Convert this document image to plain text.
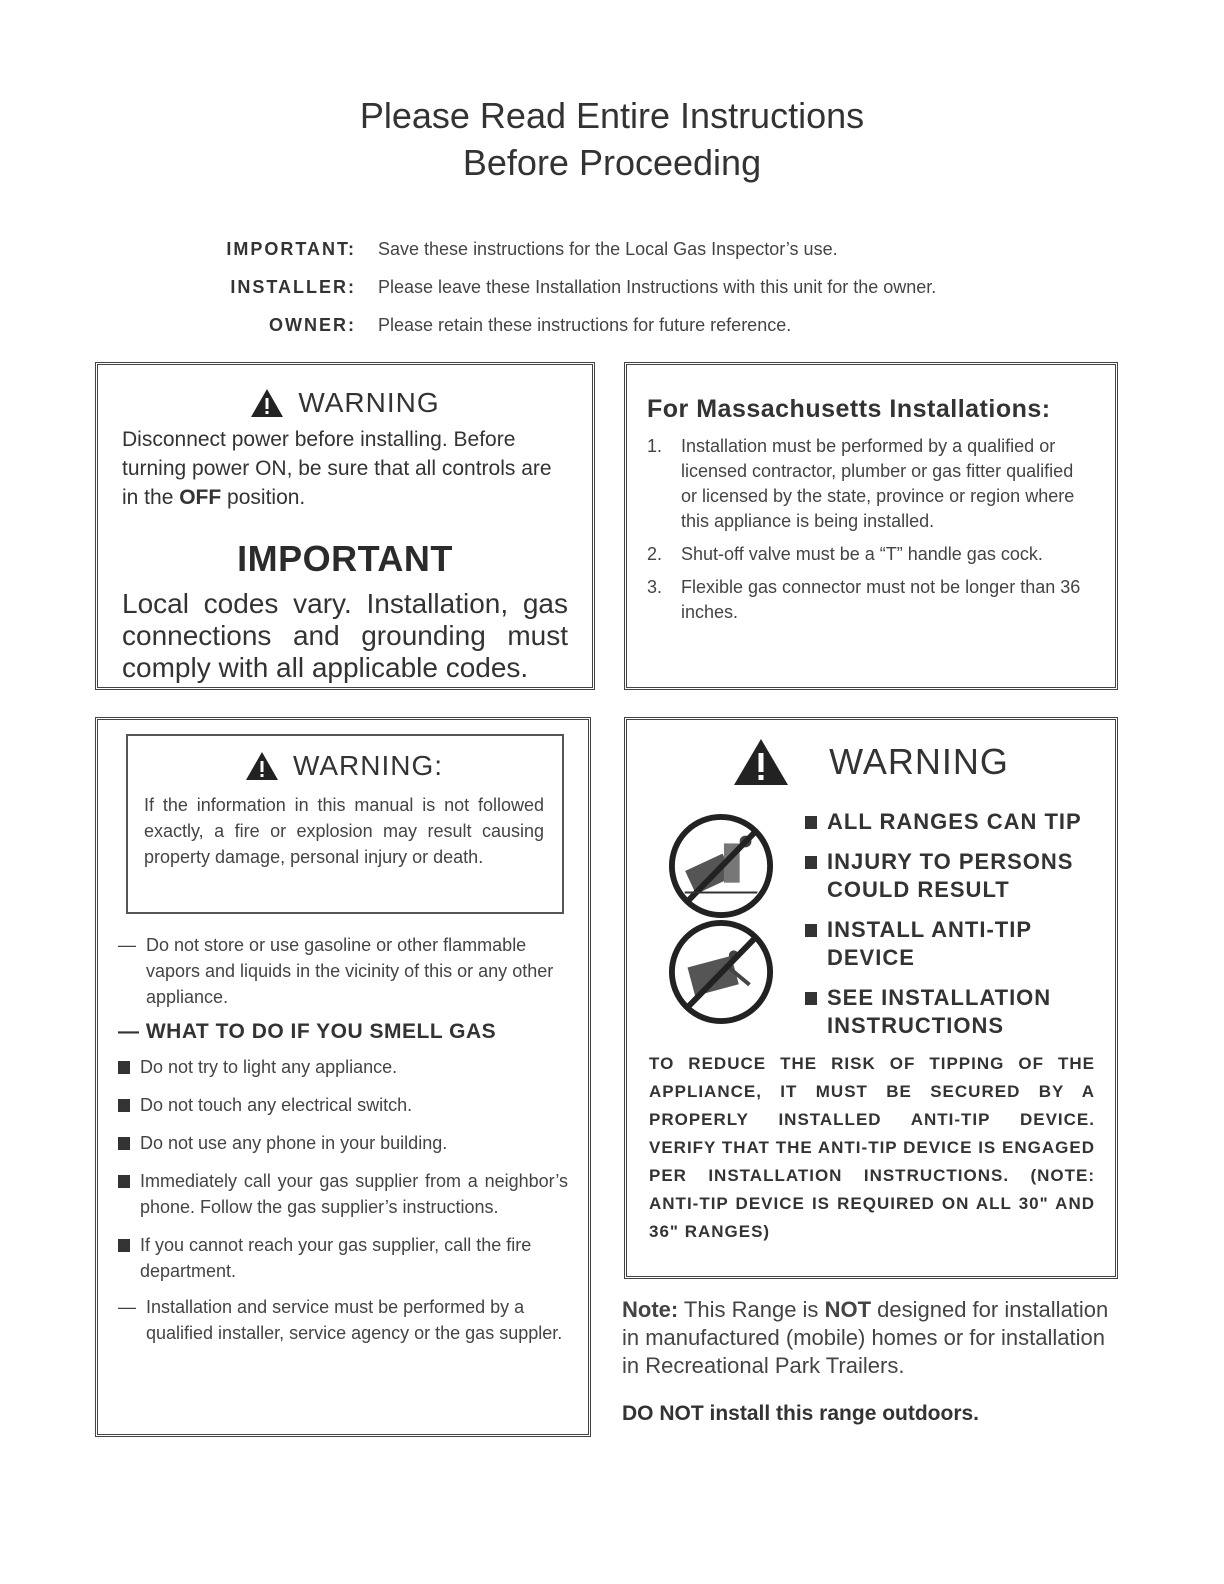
Please Read Entire Instructions
Before Proceeding
IMPORTANT:	Save these instructions for the Local Gas Inspector’s use.
INSTALLER:	Please leave these Installation Instructions with this unit for the owner.
OWNER:	Please retain these instructions for future reference.
WARNING
Disconnect power before installing. Before turning power ON, be sure that all controls are in the OFF position.
IMPORTANT
Local codes vary. Installation, gas connections and grounding must comply with all applicable codes.
For Massachusetts Installations:
1.	Installation must be performed by a qualified or licensed contractor, plumber or gas fitter qualified or licensed by the state, province or region where this appliance is being installed.
2.	Shut-off valve must be a “T” handle gas cock.
3.	Flexible gas connector must not be longer than 36 inches.
WARNING:
If the information in this manual is not followed exactly, a fire or explosion may result causing property damage, personal injury or death.
— Do not store or use gasoline or other flammable vapors and liquids in the vicinity of this or any other appliance.
— WHAT TO DO IF YOU SMELL GAS
Do not try to light any appliance.
Do not touch any electrical switch.
Do not use any phone in your building.
Immediately call your gas supplier from a neighbor’s phone. Follow the gas supplier’s instructions.
If you cannot reach your gas supplier, call the fire department.
— Installation and service must be performed by a qualified installer, service agency or the gas suppler.
WARNING
ALL RANGES CAN TIP
INJURY TO PERSONS COULD RESULT
INSTALL ANTI-TIP DEVICE
SEE INSTALLATION INSTRUCTIONS
TO REDUCE THE RISK OF TIPPING OF THE APPLIANCE, IT MUST BE SECURED BY A PROPERLY INSTALLED ANTI-TIP DEVICE. VERIFY THAT THE ANTI-TIP DEVICE IS ENGAGED PER INSTALLATION INSTRUCTIONS. (NOTE: ANTI-TIP DEVICE IS REQUIRED ON ALL 30" AND 36" RANGES)
Note: This Range is NOT designed for installation in manufactured (mobile) homes or for installation in Recreational Park Trailers.
DO NOT install this range outdoors.
